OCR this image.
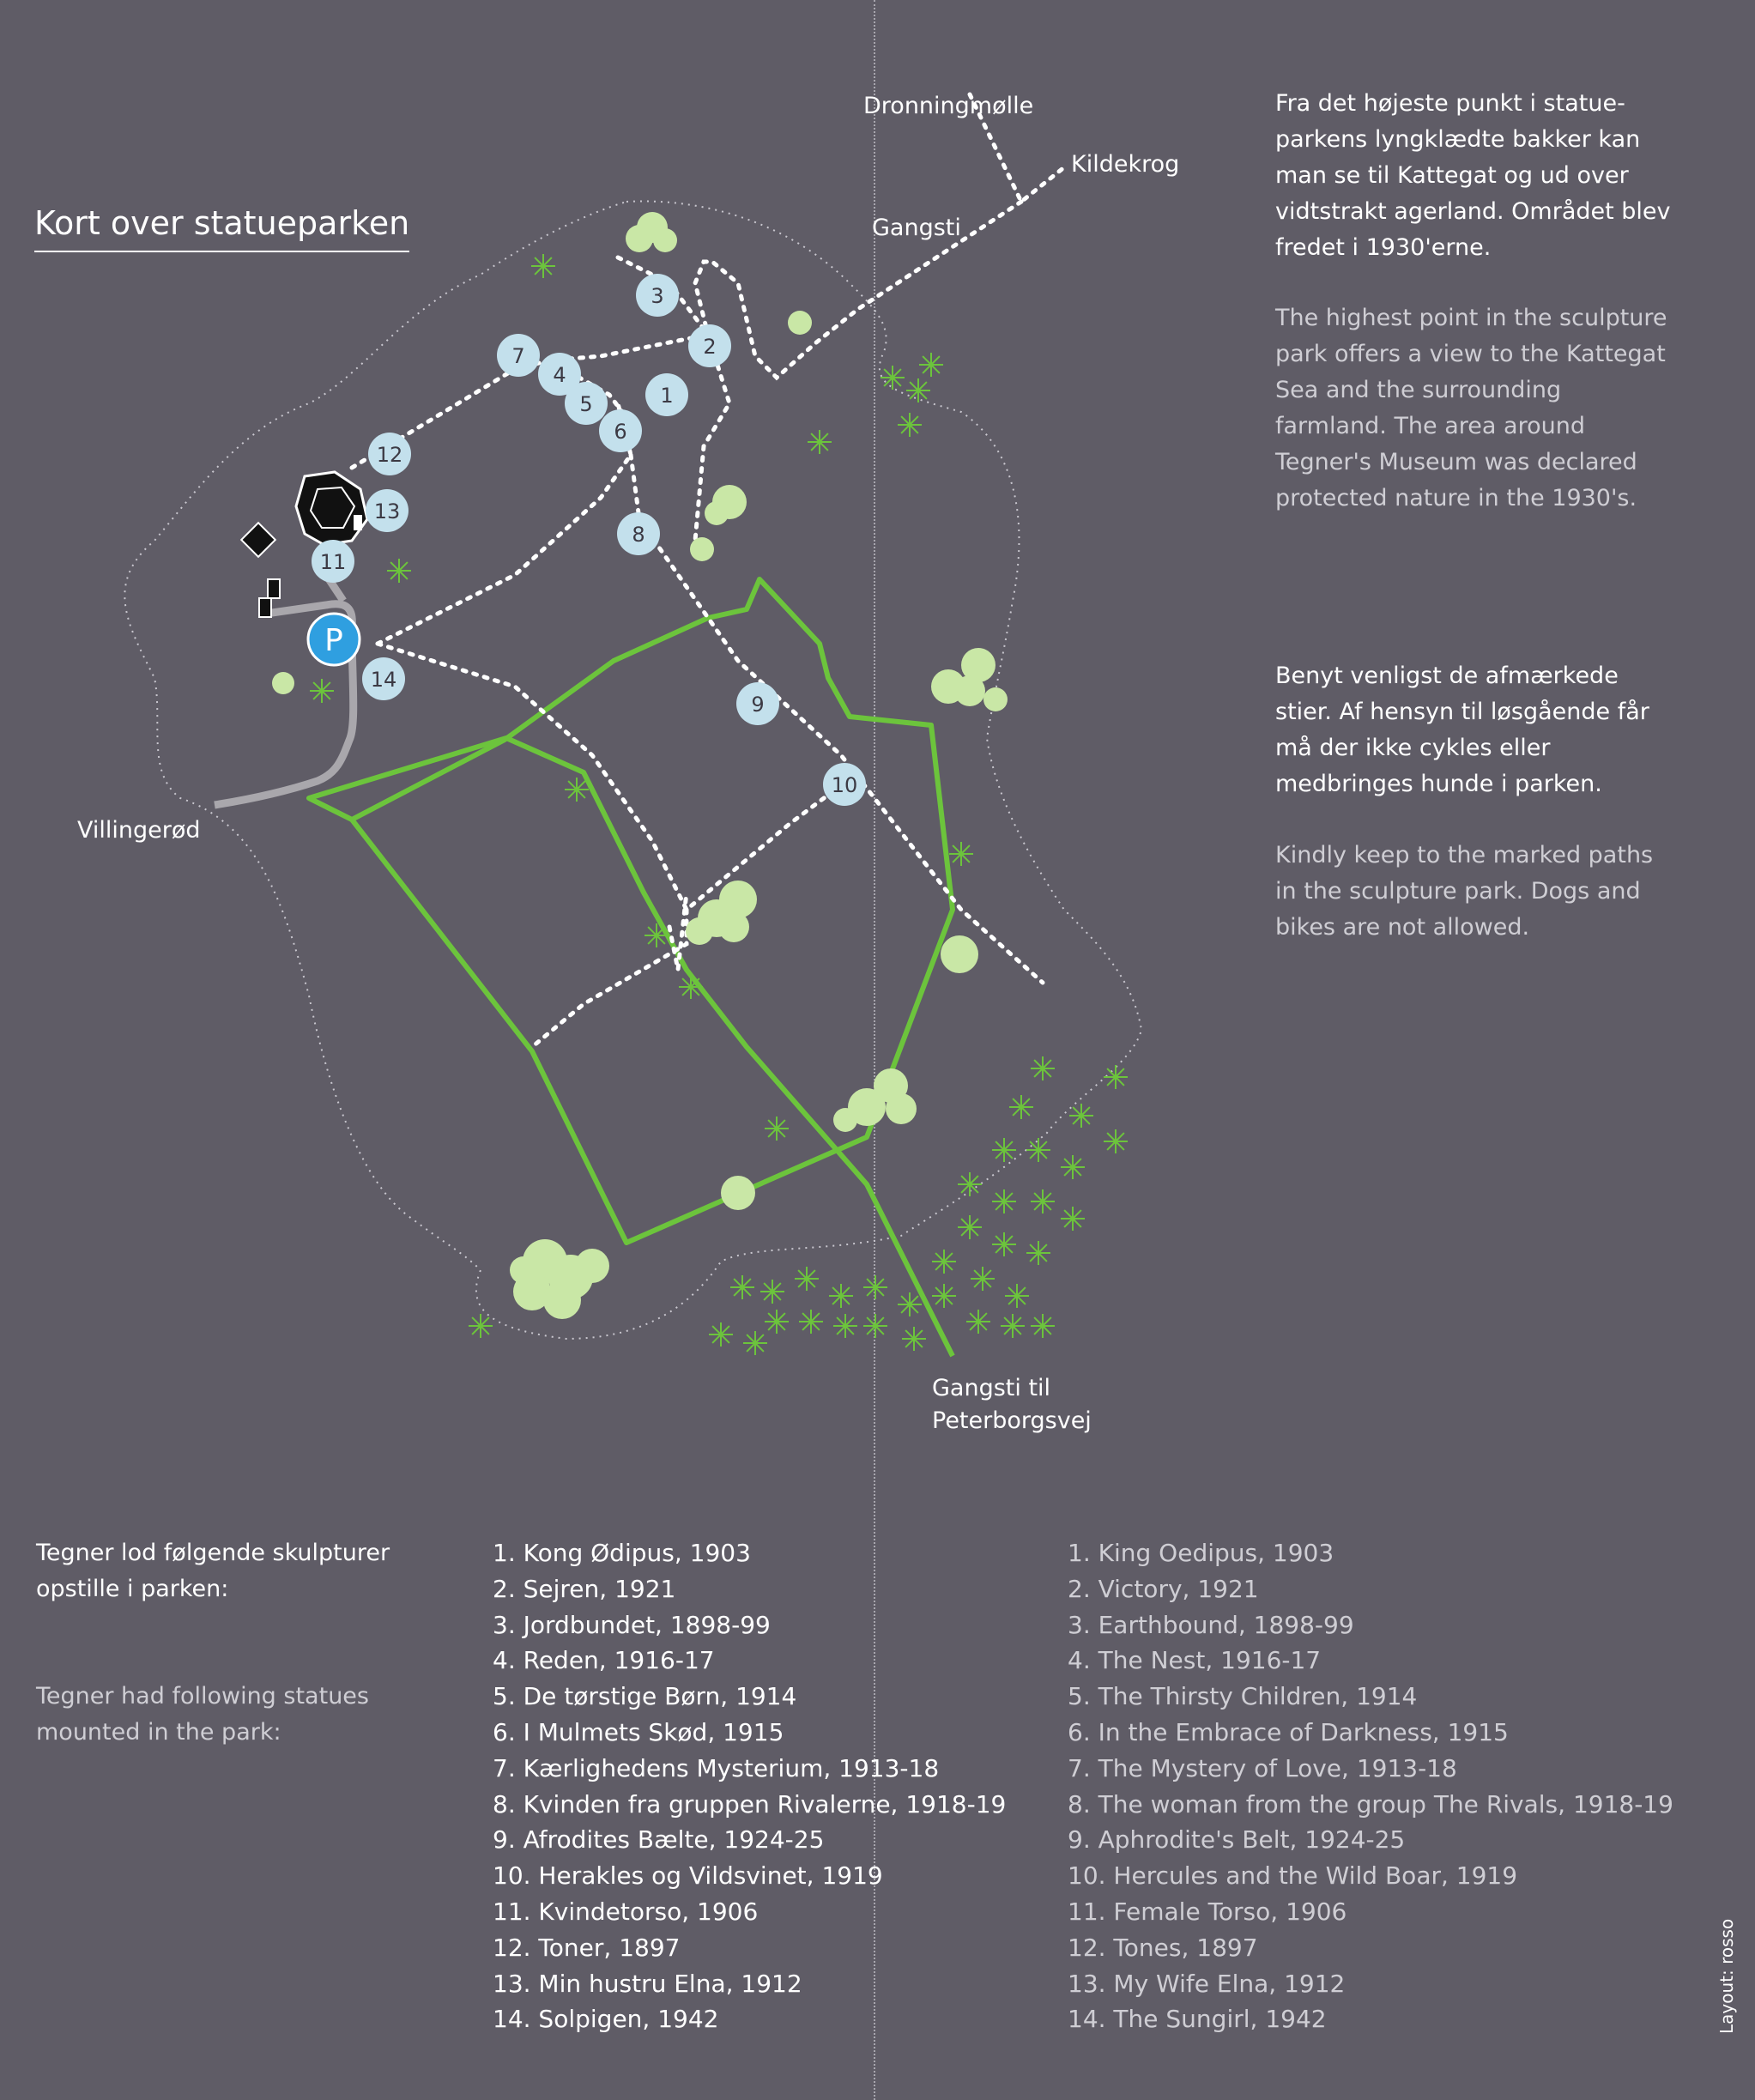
1
2
3
4
5
6
7
8
9
10
11
12
13
14
P
Kort over statueparken

Fra det højeste punkt i statue-parkens lyngklædte bakker kan man se til Kattegat og ud over vidtstrakt agerland. Området blev fredet i 1930'erne.

The highest point in the sculpture park offers a view to the Kattegat Sea and the surrounding farmland. The area around Tegner's Museum was declared protected nature in the 1930's.

Benyt venligst de afmærkede stier. Af hensyn til løsgående får må der ikke cykles eller medbringes hunde i parken.

Kindly keep to the marked paths in the sculpture park. Dogs and bikes are not allowed.

Dronningmølle
Kildekrog
Gangsti
Villingerød
Gangsti til
Peterborgsvej

Tegner lod følgende skulpturer opstille i parken:

Tegner had following statues mounted in the park:

1. Kong Ødipus, 1903
2. Sejren, 1921
3. Jordbundet, 1898-99
4. Reden, 1916-17
5. De tørstige Børn, 1914
6. I Mulmets Skød, 1915
7. Kærlighedens Mysterium, 1913-18
8. Kvinden fra gruppen Rivalerne, 1918-19
9. Afrodites Bælte, 1924-25
10. Herakles og Vildsvinet, 1919
11. Kvindetorso, 1906
12. Toner, 1897
13. Min hustru Elna, 1912
14. Solpigen, 1942
1. King Oedipus, 1903
2. Victory, 1921
3. Earthbound, 1898-99
4. The Nest, 1916-17
5. The Thirsty Children, 1914
6. In the Embrace of Darkness, 1915
7. The Mystery of Love, 1913-18
8. The woman from the group The Rivals, 1918-19
9. Aphrodite's Belt, 1924-25
10. Hercules and the Wild Boar, 1919
11. Female Torso, 1906
12. Tones, 1897
13. My Wife Elna, 1912
14. The Sungirl, 1942	Layout: rosso
